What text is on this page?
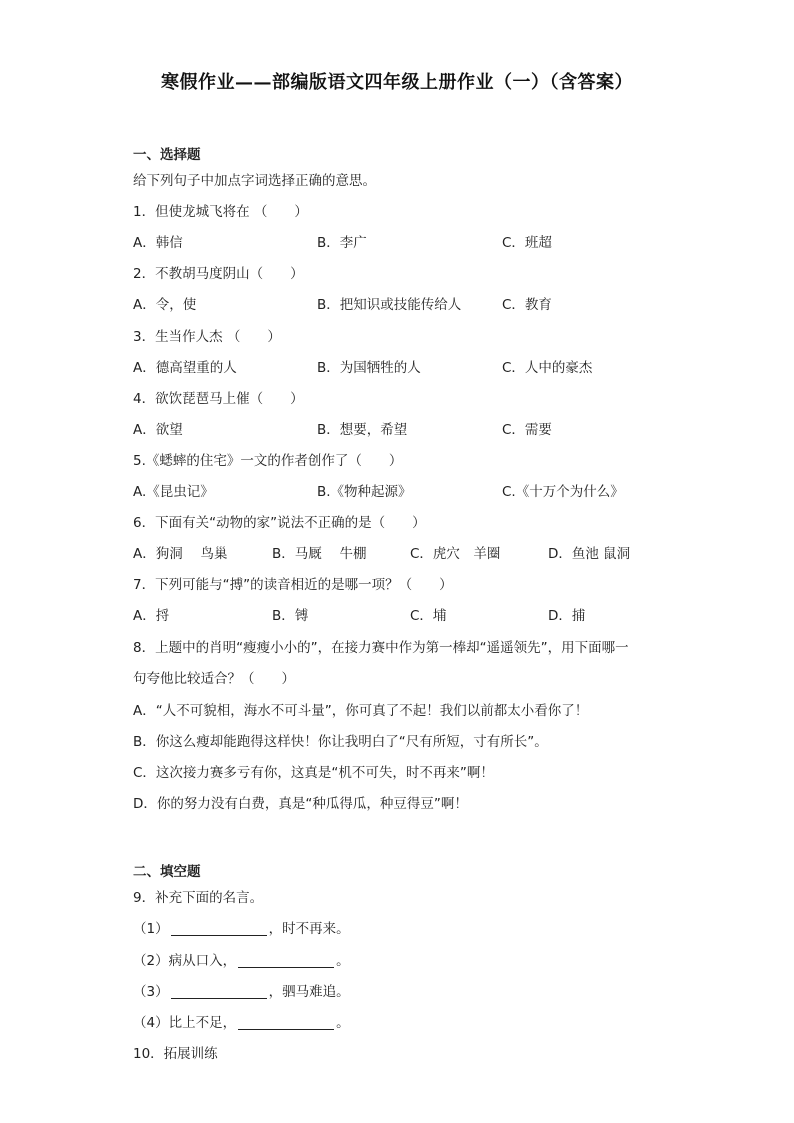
寒假作业——部编版语文四年级上册作业（一）（含答案）
一、选择题
给下列句子中加点字词选择正确的意思。
1．但使龙城飞将在 （　　）
A．韩信	B．李广	C．班超
2．不教胡马度阴山（　　）
A．令，使	B．把知识或技能传给人	C．教育
3．生当作人杰 （　　）
A．德高望重的人	B．为国牺牲的人	C．人中的豪杰
4．欲饮琵琶马上催（　　）
A．欲望	B．想要，希望	C．需要
5.《蟋蟀的住宅》一文的作者创作了（　　）
A.《昆虫记》	B.《物种起源》	C.《十万个为什么》
6．下面有关“动物的家”说法不正确的是（　　）
A．狗洞　 鸟巢	B．马厩　 牛棚	C．虎穴　羊圈	D．鱼池 鼠洞
7．下列可能与“搏”的读音相近的是哪一项？（　　）
A．捋	B．镈	C．埔	D．捕
8．上题中的肖明“瘦瘦小小的”，在接力赛中作为第一棒却“遥遥领先”，用下面哪一
句夸他比较适合？（　　）
A．“人不可貌相，海水不可斗量”，你可真了不起！我们以前都太小看你了！
B．你这么瘦却能跑得这样快！你让我明白了“尺有所短，寸有所长”。
C．这次接力赛多亏有你，这真是“机不可失，时不再来”啊！
D．你的努力没有白费，真是“种瓜得瓜，种豆得豆”啊！
二、填空题
9．补充下面的名言。
（1）	，时不再来。
（2）病从口入，	。
（3）	，驷马难追。
（4）比上不足，	。
10．拓展训练
